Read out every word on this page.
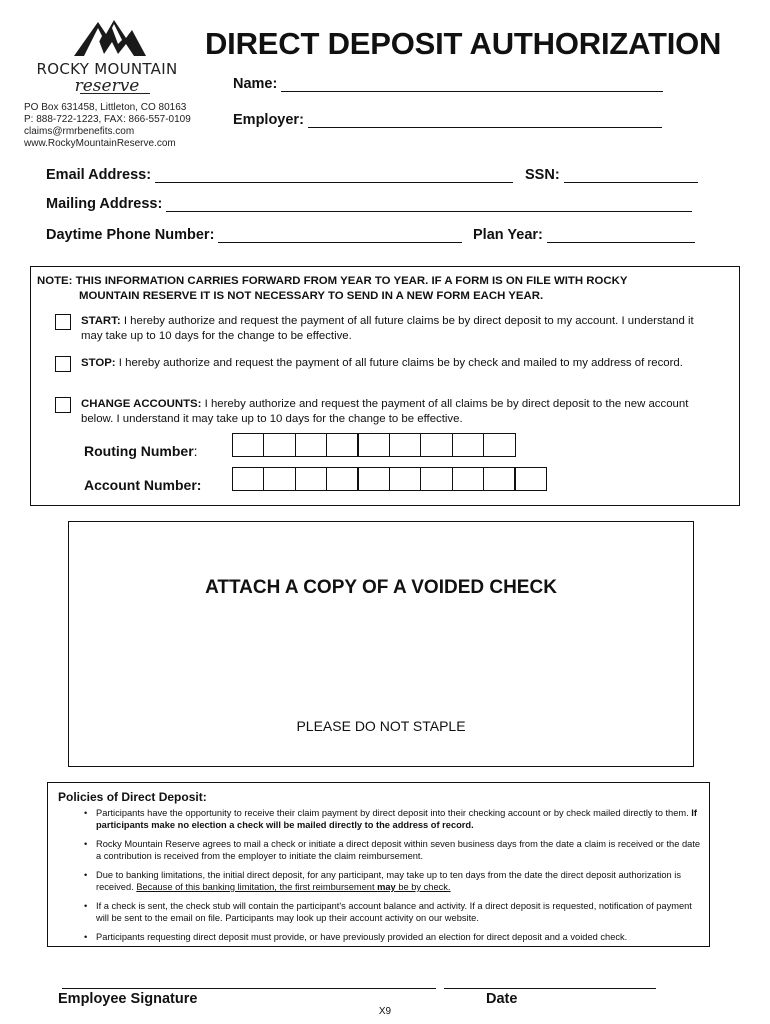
ROCKY MOUNTAIN
reserve
PO Box 631458, Littleton, CO 80163
P: 888-722-1223, FAX: 866-557-0109
claims@rmrbenefits.com
www.RockyMountainReserve.com
DIRECT DEPOSIT AUTHORIZATION
Name:
Employer:
Email Address:	SSN:
Mailing Address:
Daytime Phone Number:	Plan Year:
NOTE: THIS INFORMATION CARRIES FORWARD FROM YEAR TO YEAR. IF A FORM IS ON FILE WITH ROCKY
MOUNTAIN RESERVE IT IS NOT NECESSARY TO SEND IN A NEW FORM EACH YEAR.
START: I hereby authorize and request the payment of all future claims be by direct deposit to my account. I understand it may take up to 10 days for the change to be effective.
STOP: I hereby authorize and request the payment of all future claims be by check and mailed to my address of record.
CHANGE ACCOUNTS: I hereby authorize and request the payment of all claims be by direct deposit to the new account below. I understand it may take up to 10 days for the change to be effective.
Routing Number:
Account Number:
ATTACH A COPY OF A VOIDED CHECK
PLEASE DO NOT STAPLE
Policies of Direct Deposit:
• Participants have the opportunity to receive their claim payment by direct deposit into their checking account or by check mailed directly to them. If participants make no election a check will be mailed directly to the address of record.
• Rocky Mountain Reserve agrees to mail a check or initiate a direct deposit within seven business days from the date a claim is received or the date a contribution is received from the employer to initiate the claim reimbursement.
• Due to banking limitations, the initial direct deposit, for any participant, may take up to ten days from the date the direct deposit authorization is received. Because of this banking limitation, the first reimbursement may be by check.
• If a check is sent, the check stub will contain the participant's account balance and activity. If a direct deposit is requested, notification of payment will be sent to the email on file. Participants may look up their account activity on our website.
• Participants requesting direct deposit must provide, or have previously provided an election for direct deposit and a voided check.
Employee Signature	Date
X9
